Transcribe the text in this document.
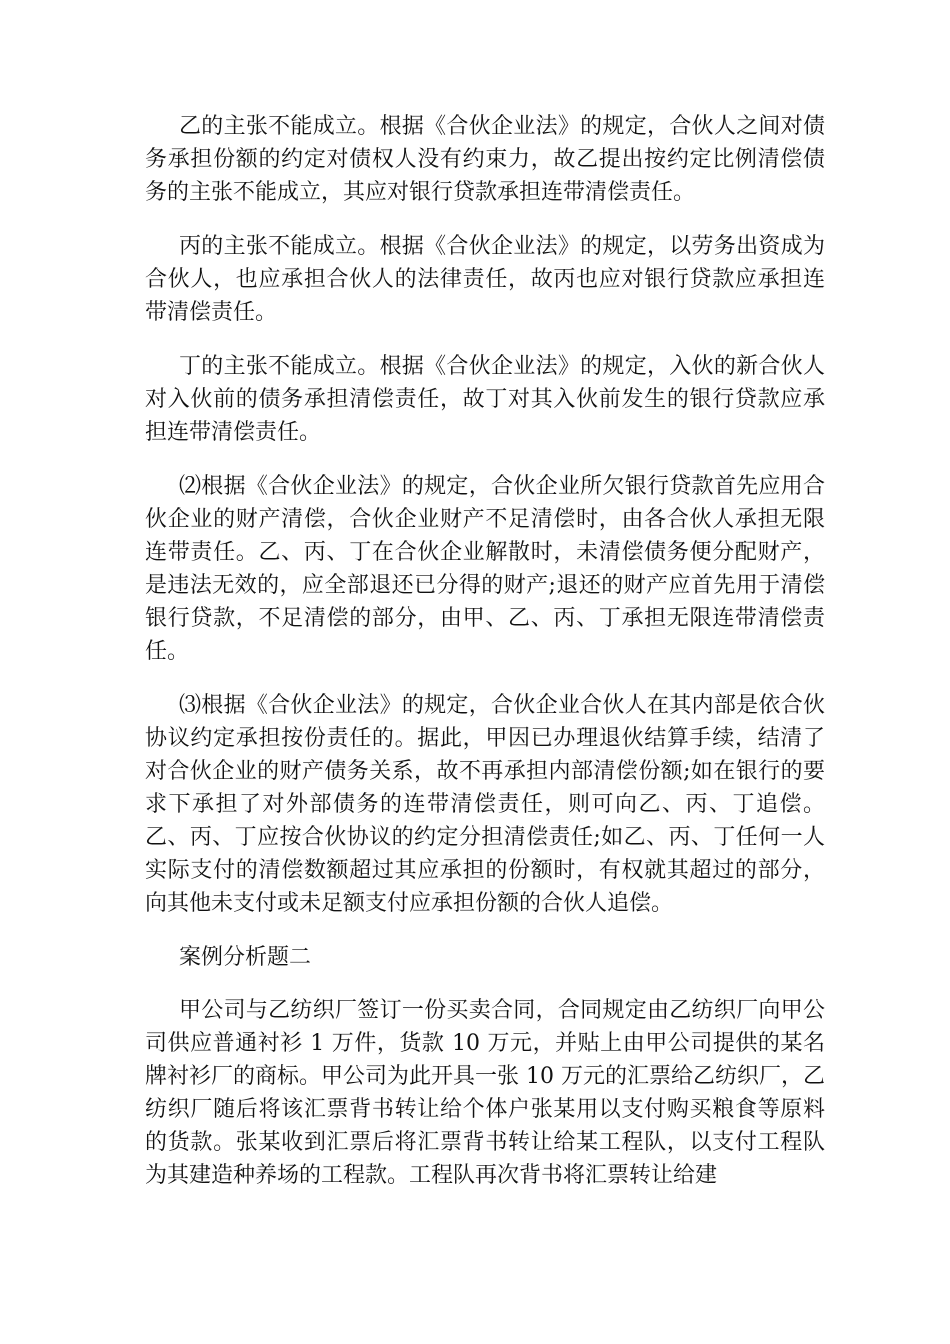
乙的主张不能成立。根据《合伙企业法》的规定，合伙人之间对债务承担份额的约定对债权人没有约束力，故乙提出按约定比例清偿债务的主张不能成立，其应对银行贷款承担连带清偿责任。

丙的主张不能成立。根据《合伙企业法》的规定，以劳务出资成为合伙人，也应承担合伙人的法律责任，故丙也应对银行贷款应承担连带清偿责任。

丁的主张不能成立。根据《合伙企业法》的规定，入伙的新合伙人对入伙前的债务承担清偿责任，故丁对其入伙前发生的银行贷款应承担连带清偿责任。

⑵根据《合伙企业法》的规定，合伙企业所欠银行贷款首先应用合伙企业的财产清偿，合伙企业财产不足清偿时，由各合伙人承担无限连带责任。乙、丙、丁在合伙企业解散时，未清偿债务便分配财产，是违法无效的，应全部退还已分得的财产;退还的财产应首先用于清偿银行贷款，不足清偿的部分，由甲、乙、丙、丁承担无限连带清偿责任。

⑶根据《合伙企业法》的规定，合伙企业合伙人在其内部是依合伙协议约定承担按份责任的。据此，甲因已办理退伙结算手续，结清了对合伙企业的财产债务关系，故不再承担内部清偿份额;如在银行的要求下承担了对外部债务的连带清偿责任，则可向乙、丙、丁追偿。乙、丙、丁应按合伙协议的约定分担清偿责任;如乙、丙、丁任何一人实际支付的清偿数额超过其应承担的份额时，有权就其超过的部分，向其他未支付或未足额支付应承担份额的合伙人追偿。

案例分析题二

甲公司与乙纺织厂签订一份买卖合同，合同规定由乙纺织厂向甲公司供应普通衬衫 1 万件，货款 10 万元，并贴上由甲公司提供的某名牌衬衫厂的商标。甲公司为此开具一张 10 万元的汇票给乙纺织厂，乙纺织厂随后将该汇票背书转让给个体户张某用以支付购买粮食等原料的货款。张某收到汇票后将汇票背书转让给某工程队，以支付工程队为其建造种养场的工程款。工程队再次背书将汇票转让给建
